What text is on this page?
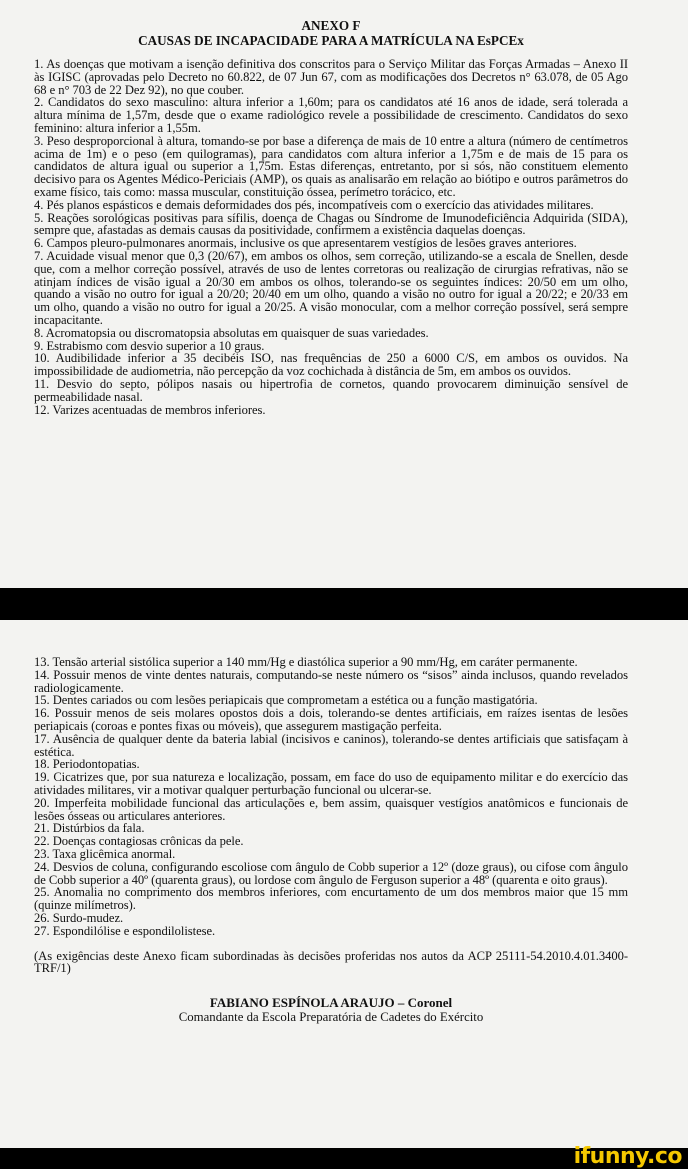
ANEXO F
CAUSAS DE INCAPACIDADE PARA A MATRÍCULA NA EsPCEx

1. As doenças que motivam a isenção definitiva dos conscritos para o Serviço Militar das Forças Armadas – Anexo II às IGISC (aprovadas pelo Decreto no 60.822, de 07 Jun 67, com as modificações dos Decretos n° 63.078, de 05 Ago 68 e n° 703 de 22 Dez 92), no que couber.

2. Candidatos do sexo masculino: altura inferior a 1,60m; para os candidatos até 16 anos de idade, será tolerada a altura mínima de 1,57m, desde que o exame radiológico revele a possibilidade de crescimento. Candidatos do sexo feminino: altura inferior a 1,55m.

3. Peso desproporcional à altura, tomando-se por base a diferença de mais de 10 entre a altura (número de centímetros acima de 1m) e o peso (em quilogramas), para candidatos com altura inferior a 1,75m e de mais de 15 para os candidatos de altura igual ou superior a 1,75m. Estas diferenças, entretanto, por si sós, não constituem elemento decisivo para os Agentes Médico-Periciais (AMP), os quais as analisarão em relação ao biótipo e outros parâmetros do exame físico, tais como: massa muscular, constituição óssea, perímetro torácico, etc.

4. Pés planos espásticos e demais deformidades dos pés, incompatíveis com o exercício das atividades militares.

5. Reações sorológicas positivas para sífilis, doença de Chagas ou Síndrome de Imunodeficiência Adquirida (SIDA), sempre que, afastadas as demais causas da positividade, confirmem a existência daquelas doenças.

6. Campos pleuro-pulmonares anormais, inclusive os que apresentarem vestígios de lesões graves anteriores.

7. Acuidade visual menor que 0,3 (20/67), em ambos os olhos, sem correção, utilizando-se a escala de Snellen, desde que, com a melhor correção possível, através de uso de lentes corretoras ou realização de cirurgias refrativas, não se atinjam índices de visão igual a 20/30 em ambos os olhos, tolerando-se os seguintes índices: 20/50 em um olho, quando a visão no outro for igual a 20/20; 20/40 em um olho, quando a visão no outro for igual a 20/22; e 20/33 em um olho, quando a visão no outro for igual a 20/25. A visão monocular, com a melhor correção possível, será sempre incapacitante.

8. Acromatopsia ou discromatopsia absolutas em quaisquer de suas variedades.

9. Estrabismo com desvio superior a 10 graus.

10. Audibilidade inferior a 35 decibéis ISO, nas frequências de 250 a 6000 C/S, em ambos os ouvidos. Na impossibilidade de audiometria, não percepção da voz cochichada à distância de 5m, em ambos os ouvidos.

11. Desvio do septo, pólipos nasais ou hipertrofia de cornetos, quando provocarem diminuição sensível de permeabilidade nasal.

12. Varizes acentuadas de membros inferiores.

13. Tensão arterial sistólica superior a 140 mm/Hg e diastólica superior a 90 mm/Hg, em caráter permanente.

14. Possuir menos de vinte dentes naturais, computando-se neste número os “sisos” ainda inclusos, quando revelados radiologicamente.

15. Dentes cariados ou com lesões periapicais que comprometam a estética ou a função mastigatória.

16. Possuir menos de seis molares opostos dois a dois, tolerando-se dentes artificiais, em raízes isentas de lesões periapicais (coroas e pontes fixas ou móveis), que assegurem mastigação perfeita.

17. Ausência de qualquer dente da bateria labial (incisivos e caninos), tolerando-se dentes artificiais que satisfaçam à estética.

18. Periodontopatias.

19. Cicatrizes que, por sua natureza e localização, possam, em face do uso de equipamento militar e do exercício das atividades militares, vir a motivar qualquer perturbação funcional ou ulcerar-se.

20. Imperfeita mobilidade funcional das articulações e, bem assim, quaisquer vestígios anatômicos e funcionais de lesões ósseas ou articulares anteriores.

21. Distúrbios da fala.

22. Doenças contagiosas crônicas da pele.

23. Taxa glicêmica anormal.

24. Desvios de coluna, configurando escoliose com ângulo de Cobb superior a 12º (doze graus), ou cifose com ângulo de Cobb superior a 40º (quarenta graus), ou lordose com ângulo de Ferguson superior a 48º (quarenta e oito graus).

25. Anomalia no comprimento dos membros inferiores, com encurtamento de um dos membros maior que 15 mm (quinze milímetros).

26. Surdo-mudez.

27. Espondilólise e espondilolistese.

(As exigências deste Anexo ficam subordinadas às decisões proferidas nos autos da ACP 25111-54.2010.4.01.3400-TRF/1)

FABIANO ESPÍNOLA ARAUJO – Coronel
Comandante da Escola Preparatória de Cadetes do Exército
ifunny.co
